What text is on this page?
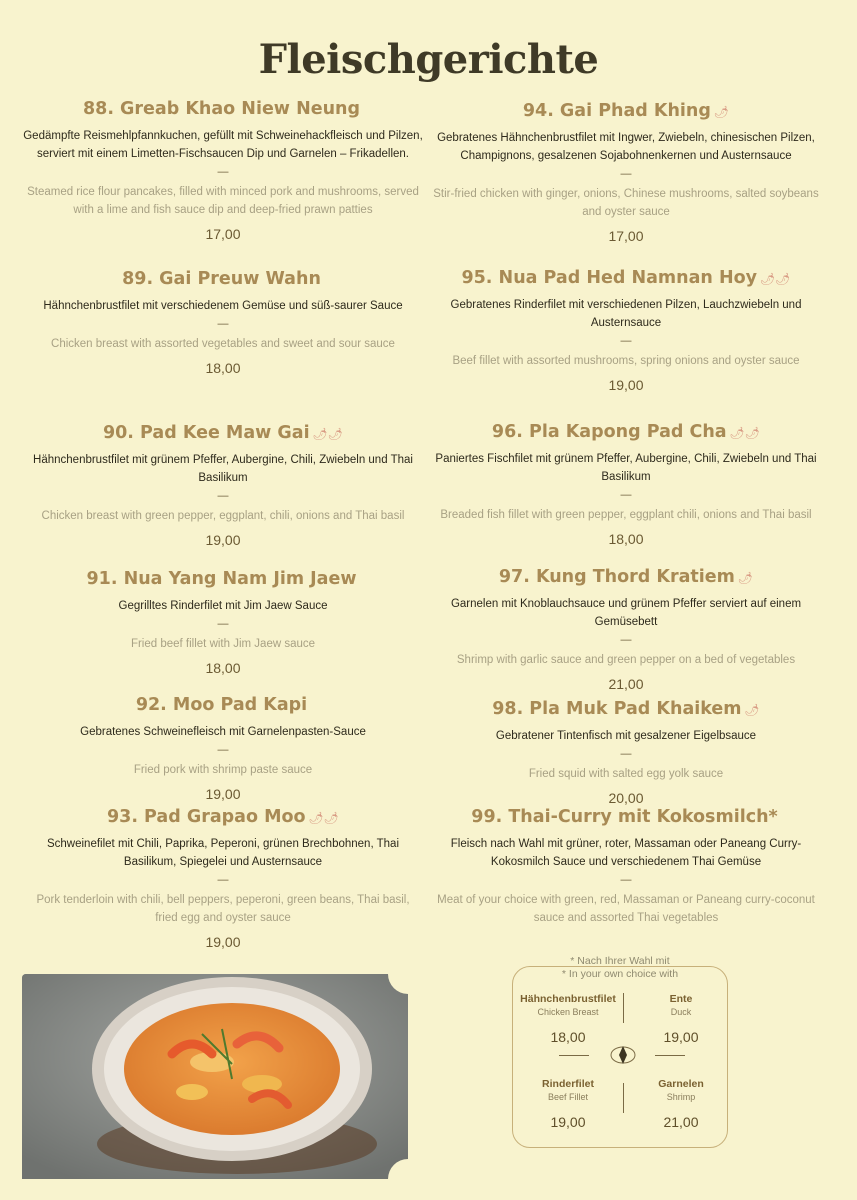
Fleischgerichte
88. Greab Khao Niew Neung
Gedämpfte Reismehlpfannkuchen, gefüllt mit Schweinehackfleisch und Pilzen, serviert mit einem Limetten-Fischsaucen Dip und Garnelen – Frikadellen.
—
Steamed rice flour pancakes, filled with minced pork and mushrooms, served with a lime and fish sauce dip and deep-fried prawn patties
17,00
89. Gai Preuw Wahn
Hähnchenbrustfilet mit verschiedenem Gemüse und süß-saurer Sauce
—
Chicken breast with assorted vegetables and sweet and sour sauce
18,00
90. Pad Kee Maw Gai 🌶🌶
Hähnchenbrustfilet mit grünem Pfeffer, Aubergine, Chili, Zwiebeln und Thai Basilikum
—
Chicken breast with green pepper, eggplant, chili, onions and Thai basil
19,00
91. Nua Yang Nam Jim Jaew
Gegrilltes Rinderfilet mit Jim Jaew Sauce
—
Fried beef fillet with Jim Jaew sauce
18,00
92. Moo Pad Kapi
Gebratenes Schweinefleisch mit Garnelenpasten-Sauce
—
Fried pork with shrimp paste sauce
19,00
93. Pad Grapao Moo 🌶🌶
Schweinefilet mit Chili, Paprika, Peperoni, grünen Brechbohnen, Thai Basilikum, Spiegelei und Austernsauce
—
Pork tenderloin with chili, bell peppers, peperoni, green beans, Thai basil, fried egg and oyster sauce
19,00
94. Gai Phad Khing 🌶
Gebratenes Hähnchenbrustfilet mit Ingwer, Zwiebeln, chinesischen Pilzen, Champignons, gesalzenen Sojabohnenkernen und Austernsauce
—
Stir-fried chicken with ginger, onions, Chinese mushrooms, salted soybeans and oyster sauce
17,00
95. Nua Pad Hed Namnan Hoy 🌶🌶
Gebratenes Rinderfilet mit verschiedenen Pilzen, Lauchzwiebeln und Austernsauce
—
Beef fillet with assorted mushrooms, spring onions and oyster sauce
19,00
96. Pla Kapong Pad Cha 🌶🌶
Paniertes Fischfilet mit grünem Pfeffer, Aubergine, Chili, Zwiebeln und Thai Basilikum
—
Breaded fish fillet with green pepper, eggplant chili, onions and Thai basil
18,00
97. Kung Thord Kratiem 🌶
Garnelen mit Knoblauchsauce und grünem Pfeffer serviert auf einem Gemüsebett
—
Shrimp with garlic sauce and green pepper on a bed of vegetables
21,00
98. Pla Muk Pad Khaikem 🌶
Gebratener Tintenfisch mit gesalzener Eigelbsauce
—
Fried squid with salted egg yolk sauce
20,00
99. Thai-Curry mit Kokosmilch*
Fleisch nach Wahl mit grüner, roter, Massaman oder Paneang Curry-Kokosmilch Sauce und verschiedenem Thai Gemüse
—
Meat of your choice with green, red, Massaman or Paneang curry-coconut sauce and assorted Thai vegetables
* Nach Ihrer Wahl mit
* In your own choice with
Hähnchenbrustfilet
Chicken Breast
18,00
Ente
Duck
19,00
Rinderfilet
Beef Fillet
19,00
Garnelen
Shrimp
21,00
